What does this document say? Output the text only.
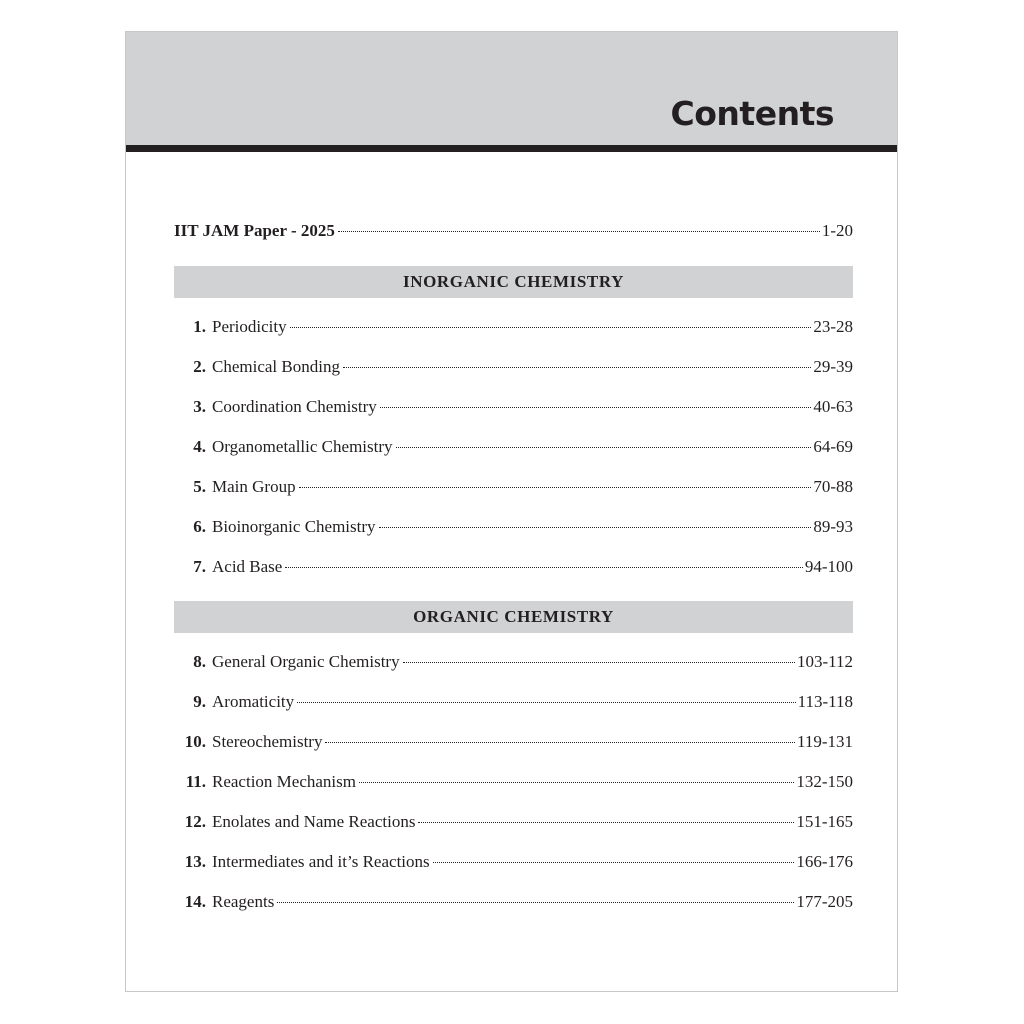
Contents
IIT JAM Paper - 2025	1-20
INORGANIC CHEMISTRY
1. Periodicity	23-28
2. Chemical Bonding	29-39
3. Coordination Chemistry	40-63
4. Organometallic Chemistry	64-69
5. Main Group	70-88
6. Bioinorganic Chemistry	89-93
7. Acid Base	94-100
ORGANIC CHEMISTRY
8. General Organic Chemistry	103-112
9. Aromaticity	113-118
10. Stereochemistry	119-131
11. Reaction Mechanism	132-150
12. Enolates and Name Reactions	151-165
13. Intermediates and it’s Reactions	166-176
14. Reagents	177-205
